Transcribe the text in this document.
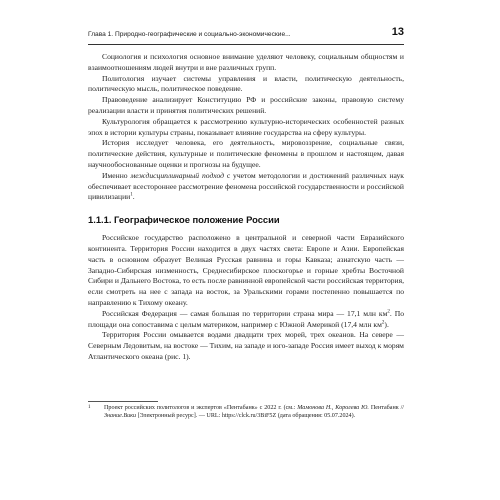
Глава 1. Природно-географические и социально-экономические...	13

Социология и психология основное внимание уделяют человеку, социальным общностям и взаимоотношениям людей внутри и вне различных групп.

Политология изучает системы управления и власти, политическую деятельность, политическую мысль, политическое поведение.

Правоведение анализирует Конституцию РФ и российские законы, правовую систему реализации власти и принятия политических решений.

Культурология обращается к рассмотрению культурно-исторических особенностей разных эпох в истории культуры страны, показывает влияние государства на сферу культуры.

История исследует человека, его деятельность, мировоззрение, социальные связи, политические действия, культурные и политические феномены в прошлом и настоящем, давая научнообоснованные оценки и прогнозы на будущее.

Именно междисциплинарный подход с учетом методологии и достижений различных наук обеспечивает всестороннее рассмотрение феномена российской государственности и российской цивилизации$^1$.

1.1.1. Географическое положение России

Российское государство расположено в центральной и северной части Евразийского континента. Территория России находится в двух частях света: Европе и Азии. Европейская часть в основном образует Великая Русская равнина и горы Кавказа; азиатскую часть — Западно-Сибирская низменность, Среднесибирское плоскогорье и горные хребты Восточной Сибири и Дальнего Востока, то есть после равнинной европейской части российская территория, если смотреть на нее с запада на восток, за Уральскими горами постепенно повышается по направлению к Тихому океану.

Российская Федерация — самая большая по территории страна мира — 17,1 млн $км^2$. По площади она сопоставима с целым материком, например с Южной Америкой (17,4 млн $км^2$).

Территория России омывается водами двадцати трех морей, трех океанов. На севере — Северным Ледовитым, на востоке — Тихим, на западе и юго-западе Россия имеет выход к морям Атлантического океана (рис. 1).

1 Проект российских политологов и экспертов «Пентабанк» с 2022 г. (см.: Мамонова Н., Королева Ю. Пентабанк // Знание.Вики [Электронный ресурс]. — URL: https://clck.ru/3BiF5Z (дата обращения: 05.07.2024).
